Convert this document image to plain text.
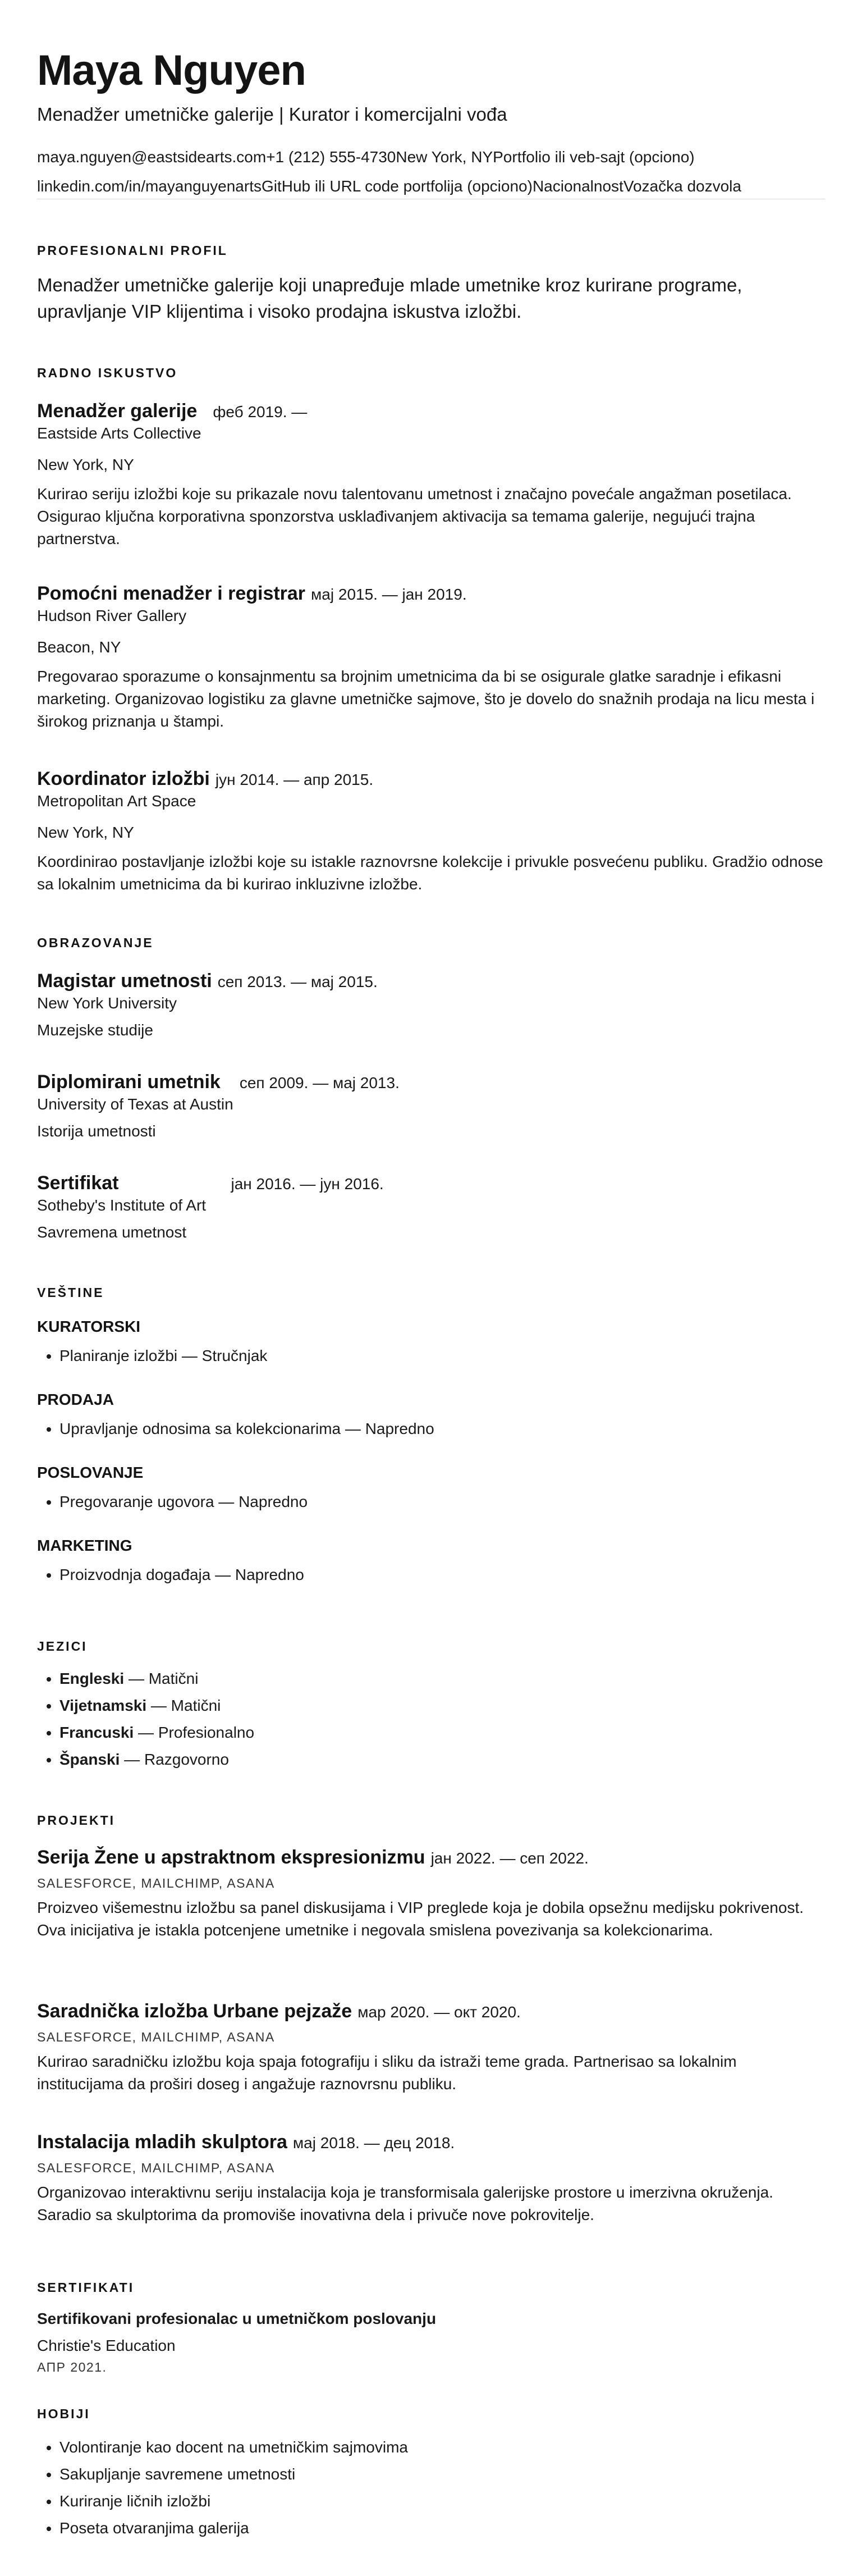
Maya Nguyen
Menadžer umetničke galerije | Kurator i komercijalni vođa
maya.nguyen@eastsidearts.com +1 (212) 555-4730 New York, NY Portfolio ili veb-sajt (opciono)
linkedin.com/in/mayanguyenarts GitHub ili URL code portfolija (opciono) Nacionalnost Vozačka dozvola
PROFESIONALNI PROFIL
Menadžer umetničke galerije koji unapređuje mlade umetnike kroz kurirane programe, upravljanje VIP klijentima i visoko prodajna iskustva izložbi.
RADNO ISKUSTVO
Menadžer galerije феб 2019. —
Eastside Arts Collective
New York, NY
Kurirao seriju izložbi koje su prikazale novu talentovanu umetnost i značajno povećale angažman posetilaca. Osigurao ključna korporativna sponzorstva usklađivanjem aktivacija sa temama galerije, negujući trajna partnerstva.
Pomoćni menadžer i registrar мај 2015. — јан 2019.
Hudson River Gallery
Beacon, NY
Pregovarao sporazume o konsajnmentu sa brojnim umetnicima da bi se osigurale glatke saradnje i efikasni marketing. Organizovao logistiku za glavne umetničke sajmove, što je dovelo do snažnih prodaja na licu mesta i širokog priznanja u štampi.
Koordinator izložbi јун 2014. — апр 2015.
Metropolitan Art Space
New York, NY
Koordinirao postavljanje izložbi koje su istakle raznovrsne kolekcije i privukle posvećenu publiku. Gradžio odnose sa lokalnim umetnicima da bi kurirao inkluzivne izložbe.
OBRAZOVANJE
Magistar umetnosti сеп 2013. — мај 2015.
New York University
Muzejske studije
Diplomirani umetnik сеп 2009. — мај 2013.
University of Texas at Austin
Istorija umetnosti
Sertifikat	јан 2016. — јун 2016.
Sotheby's Institute of Art
Savremena umetnost
VEŠTINE
KURATORSKI
• Planiranje izložbi — Stručnjak
PRODAJA
• Upravljanje odnosima sa kolekcionarima — Napredno
POSLOVANJE
• Pregovaranje ugovora — Napredno
MARKETING
• Proizvodnja događaja — Napredno
JEZICI
• Engleski — Matični
• Vijetnamski — Matični
• Francuski — Profesionalno
• Španski — Razgovorno
PROJEKTI
Serija Žene u apstraktnom ekspresionizmu јан 2022. — сеп 2022.
SALESFORCE, MAILCHIMP, ASANA
Proizveo višemestnu izložbu sa panel diskusijama i VIP preglede koja je dobila opsežnu medijsku pokrivenost. Ova inicijativa je istakla potcenjene umetnike i negovala smislena povezivanja sa kolekcionarima.
Saradnička izložba Urbane pejzaže мар 2020. — окт 2020.
SALESFORCE, MAILCHIMP, ASANA
Kurirao saradničku izložbu koja spaja fotografiju i sliku da istraži teme grada. Partnerisao sa lokalnim institucijama da proširi doseg i angažuje raznovrsnu publiku.
Instalacija mladih skulptora мај 2018. — дец 2018.
SALESFORCE, MAILCHIMP, ASANA
Organizovao interaktivnu seriju instalacija koja je transformisala galerijske prostore u imerzivna okruženja. Saradio sa skulptorima da promoviše inovativna dela i privuče nove pokrovitelje.
SERTIFIKATI
Sertifikovani profesionalac u umetničkom poslovanju
Christie's Education
АПР 2021.
HOBIJI
• Volontiranje kao docent na umetničkim sajmovima
• Sakupljanje savremene umetnosti
• Kuriranje ličnih izložbi
• Poseta otvaranjima galerija
